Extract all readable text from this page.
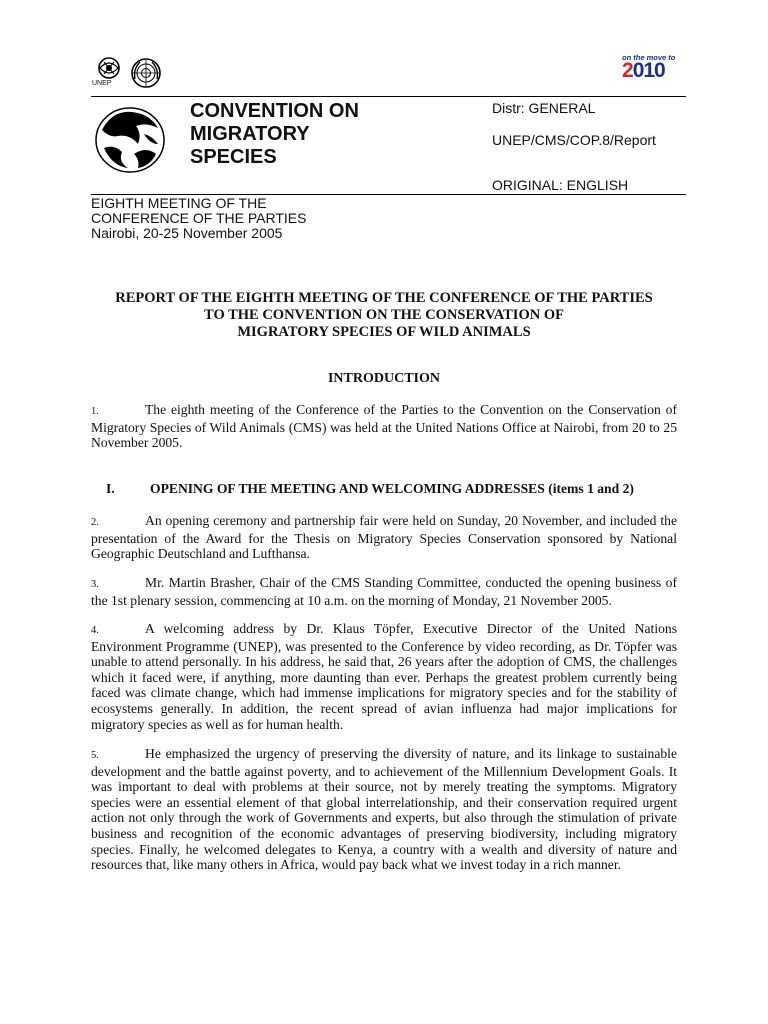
UNEP
on the move to
2010
CONVENTION ON
MIGRATORY
SPECIES
Distr: GENERAL
UNEP/CMS/COP.8/Report
ORIGINAL: ENGLISH
EIGHTH MEETING OF THE
CONFERENCE OF THE PARTIES
Nairobi, 20-25 November 2005
REPORT OF THE EIGHTH MEETING OF THE CONFERENCE OF THE PARTIES
TO THE CONVENTION ON THE CONSERVATION OF
MIGRATORY SPECIES OF WILD ANIMALS
INTRODUCTION
1.	The eighth meeting of the Conference of the Parties to the Convention on the Conservation of Migratory Species of Wild Animals (CMS) was held at the United Nations Office at Nairobi, from 20 to 25 November 2005.
I.	OPENING OF THE MEETING AND WELCOMING ADDRESSES (items 1 and 2)
2.	An opening ceremony and partnership fair were held on Sunday, 20 November, and included the presentation of the Award for the Thesis on Migratory Species Conservation sponsored by National Geographic Deutschland and Lufthansa.
3.	Mr. Martin Brasher, Chair of the CMS Standing Committee, conducted the opening business of the 1st plenary session, commencing at 10 a.m. on the morning of Monday, 21 November 2005.
4.	A welcoming address by Dr. Klaus Töpfer, Executive Director of the United Nations Environment Programme (UNEP), was presented to the Conference by video recording, as Dr. Töpfer was unable to attend personally. In his address, he said that, 26 years after the adoption of CMS, the challenges which it faced were, if anything, more daunting than ever. Perhaps the greatest problem currently being faced was climate change, which had immense implications for migratory species and for the stability of ecosystems generally. In addition, the recent spread of avian influenza had major implications for migratory species as well as for human health.
5.	He emphasized the urgency of preserving the diversity of nature, and its linkage to sustainable development and the battle against poverty, and to achievement of the Millennium Development Goals. It was important to deal with problems at their source, not by merely treating the symptoms. Migratory species were an essential element of that global interrelationship, and their conservation required urgent action not only through the work of Governments and experts, but also through the stimulation of private business and recognition of the economic advantages of preserving biodiversity, including migratory species. Finally, he welcomed delegates to Kenya, a country with a wealth and diversity of nature and resources that, like many others in Africa, would pay back what we invest today in a rich manner.
